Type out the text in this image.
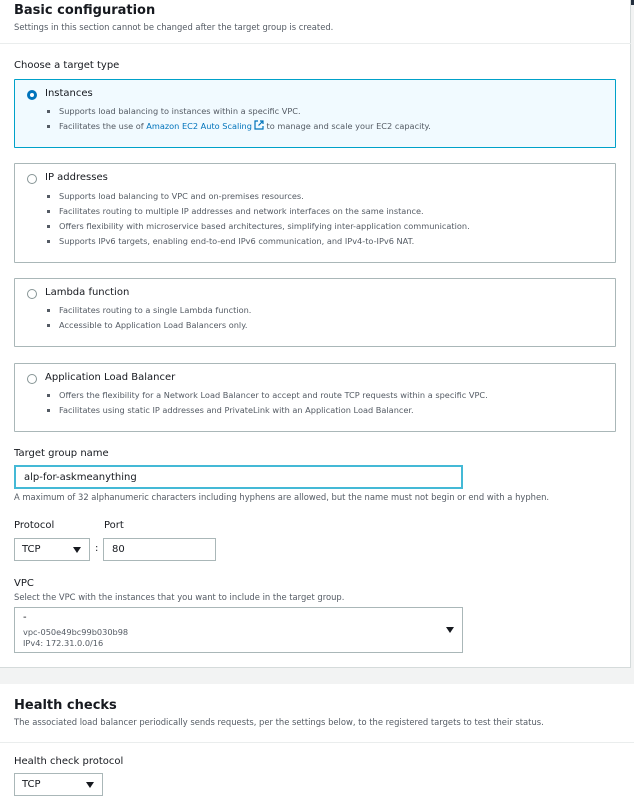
Basic configuration
Settings in this section cannot be changed after the target group is created.
Choose a target type
Instances
Supports load balancing to instances within a specific VPC.
Facilitates the use of Amazon EC2 Auto Scaling to manage and scale your EC2 capacity.
IP addresses
Supports load balancing to VPC and on-premises resources.
Facilitates routing to multiple IP addresses and network interfaces on the same instance.
Offers flexibility with microservice based architectures, simplifying inter-application communication.
Supports IPv6 targets, enabling end-to-end IPv6 communication, and IPv4-to-IPv6 NAT.
Lambda function
Facilitates routing to a single Lambda function.
Accessible to Application Load Balancers only.
Application Load Balancer
Offers the flexibility for a Network Load Balancer to accept and route TCP requests within a specific VPC.
Facilitates using static IP addresses and PrivateLink with an Application Load Balancer.
Target group name
alp-for-askmeanything
A maximum of 32 alphanumeric characters including hyphens are allowed, but the name must not begin or end with a hyphen.
Protocol	Port
TCP	:	80
VPC
Select the VPC with the instances that you want to include in the target group.
-
vpc-050e49bc99b030b98
IPv4: 172.31.0.0/16
Health checks
The associated load balancer periodically sends requests, per the settings below, to the registered targets to test their status.
Health check protocol
TCP
